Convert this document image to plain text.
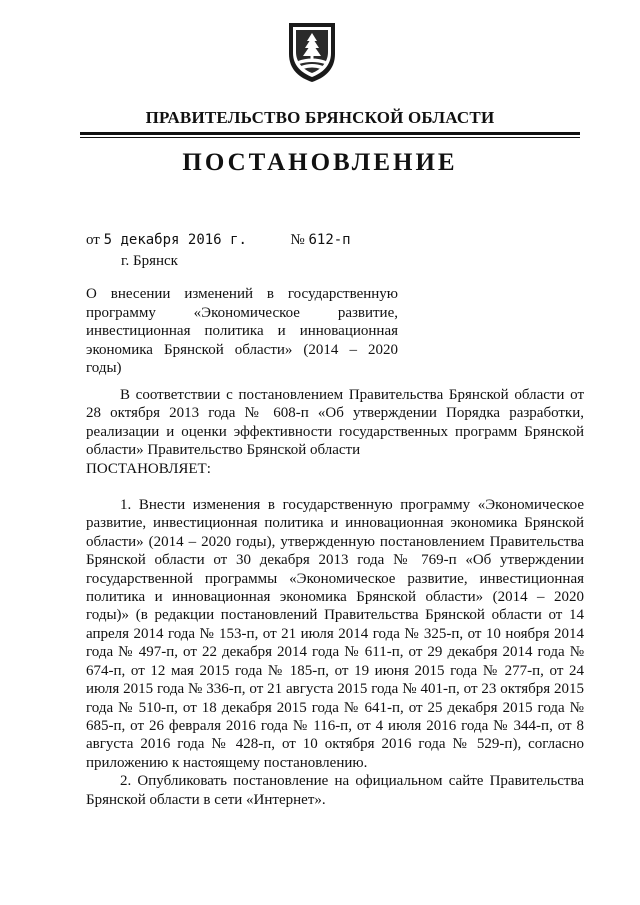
ПРАВИТЕЛЬСТВО БРЯНСКОЙ ОБЛАСТИ
ПОСТАНОВЛЕНИЕ
от 5 декабря 2016 г.	№ 612-п
г. Брянск
О внесении изменений в государственную программу «Экономическое развитие, инвестиционная политика и инновационная экономика Брянской области» (2014 – 2020 годы)

В соответствии с постановлением Правительства Брянской области от 28 октября 2013 года № 608-п «Об утверждении Порядка разработки, реализации и оценки эффективности государственных программ Брянской области» Правительство Брянской области

ПОСТАНОВЛЯЕТ:

1. Внести изменения в государственную программу «Экономическое развитие, инвестиционная политика и инновационная экономика Брянской области» (2014 – 2020 годы), утвержденную постановлением Правительства Брянской области от 30 декабря 2013 года № 769-п «Об утверждении государственной программы «Экономическое развитие, инвестиционная политика и инновационная экономика Брянской области» (2014 – 2020 годы)» (в редакции постановлений Правительства Брянской области от 14 апреля 2014 года № 153-п, от 21 июля 2014 года № 325-п, от 10 ноября 2014 года № 497-п, от 22 декабря 2014 года № 611-п, от 29 декабря 2014 года № 674-п, от 12 мая 2015 года № 185-п, от 19 июня 2015 года № 277-п, от 24 июля 2015 года № 336-п, от 21 августа 2015 года № 401-п, от 23 октября 2015 года № 510-п, от 18 декабря 2015 года № 641-п, от 25 декабря 2015 года № 685-п, от 26 февраля 2016 года № 116-п, от 4 июля 2016 года № 344-п, от 8 августа 2016 года № 428-п, от 10 октября 2016 года № 529-п), согласно приложению к настоящему постановлению.

2. Опубликовать постановление на официальном сайте Правительства Брянской области в сети «Интернет».
